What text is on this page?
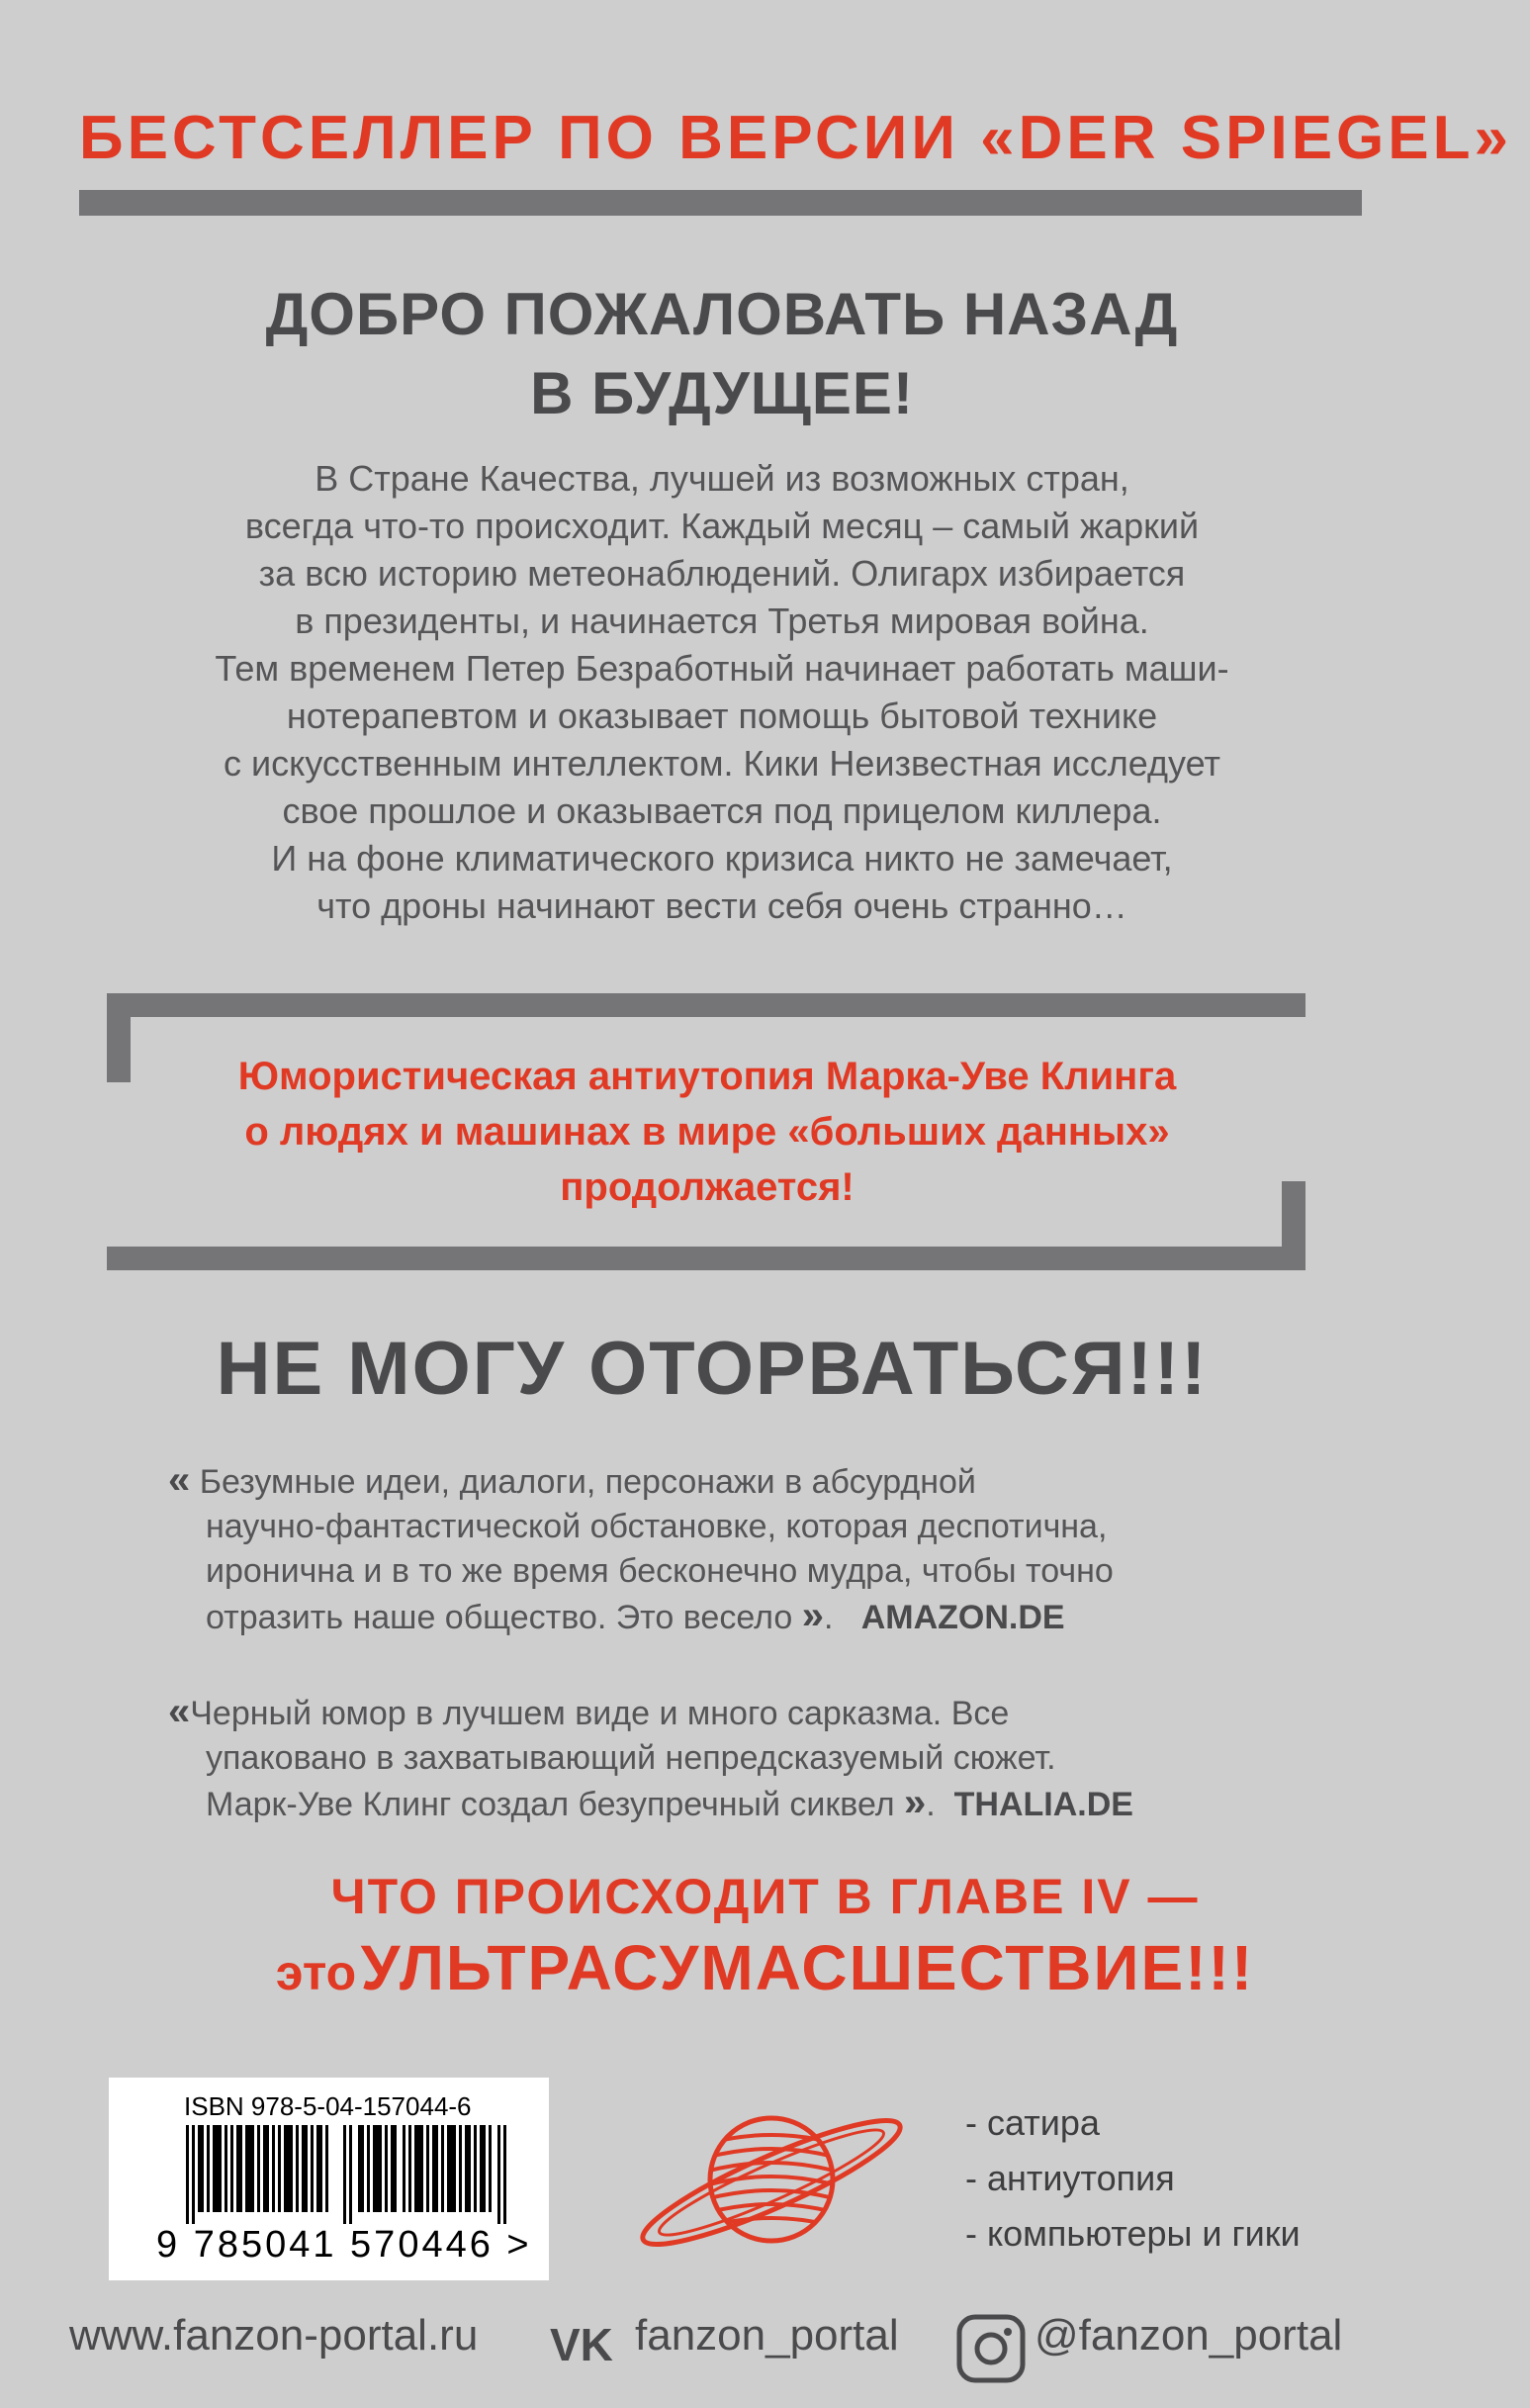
БЕСТСЕЛЛЕР ПО ВЕРСИИ «DER SPIEGEL»
ДОБРО ПОЖАЛОВАТЬ НАЗАД
В БУДУЩЕЕ!
В Стране Качества, лучшей из возможных стран,
всегда что-то происходит. Каждый месяц – самый жаркий
за всю историю метеонаблюдений. Олигарх избирается
в президенты, и начинается Третья мировая война.
Тем временем Петер Безработный начинает работать маши-
нотерапевтом и оказывает помощь бытовой технике
с искусственным интеллектом. Кики Неизвестная исследует
свое прошлое и оказывается под прицелом киллера.
И на фоне климатического кризиса никто не замечает,
что дроны начинают вести себя очень странно…
Юмористическая антиутопия Марка-Уве Клинга
о людях и машинах в мире «больших данных»
продолжается!
НЕ МОГУ ОТОРВАТЬСЯ!!!
« Безумные идеи, диалоги, персонажи в абсурдной
научно-фантастической обстановке, которая деспотична,
иронична и в то же время бесконечно мудра, чтобы точно
отразить наше общество. Это весело ».   AMAZON.DE
«Черный юмор в лучшем виде и много сарказма. Все
упаковано в захватывающий непредсказуемый сюжет.
Марк-Уве Клинг создал безупречный сиквел ».  THALIA.DE
ЧТО ПРОИСХОДИТ В ГЛАВЕ IV —
это УЛЬТРАСУМАСШЕСТВИЕ!!!
ISBN 978-5-04-157044-6
9 785041 570446 >
- сатира
- антиутопия
- компьютеры и гики
www.fanzon-portal.ru VK fanzon_portal	@fanzon_portal
